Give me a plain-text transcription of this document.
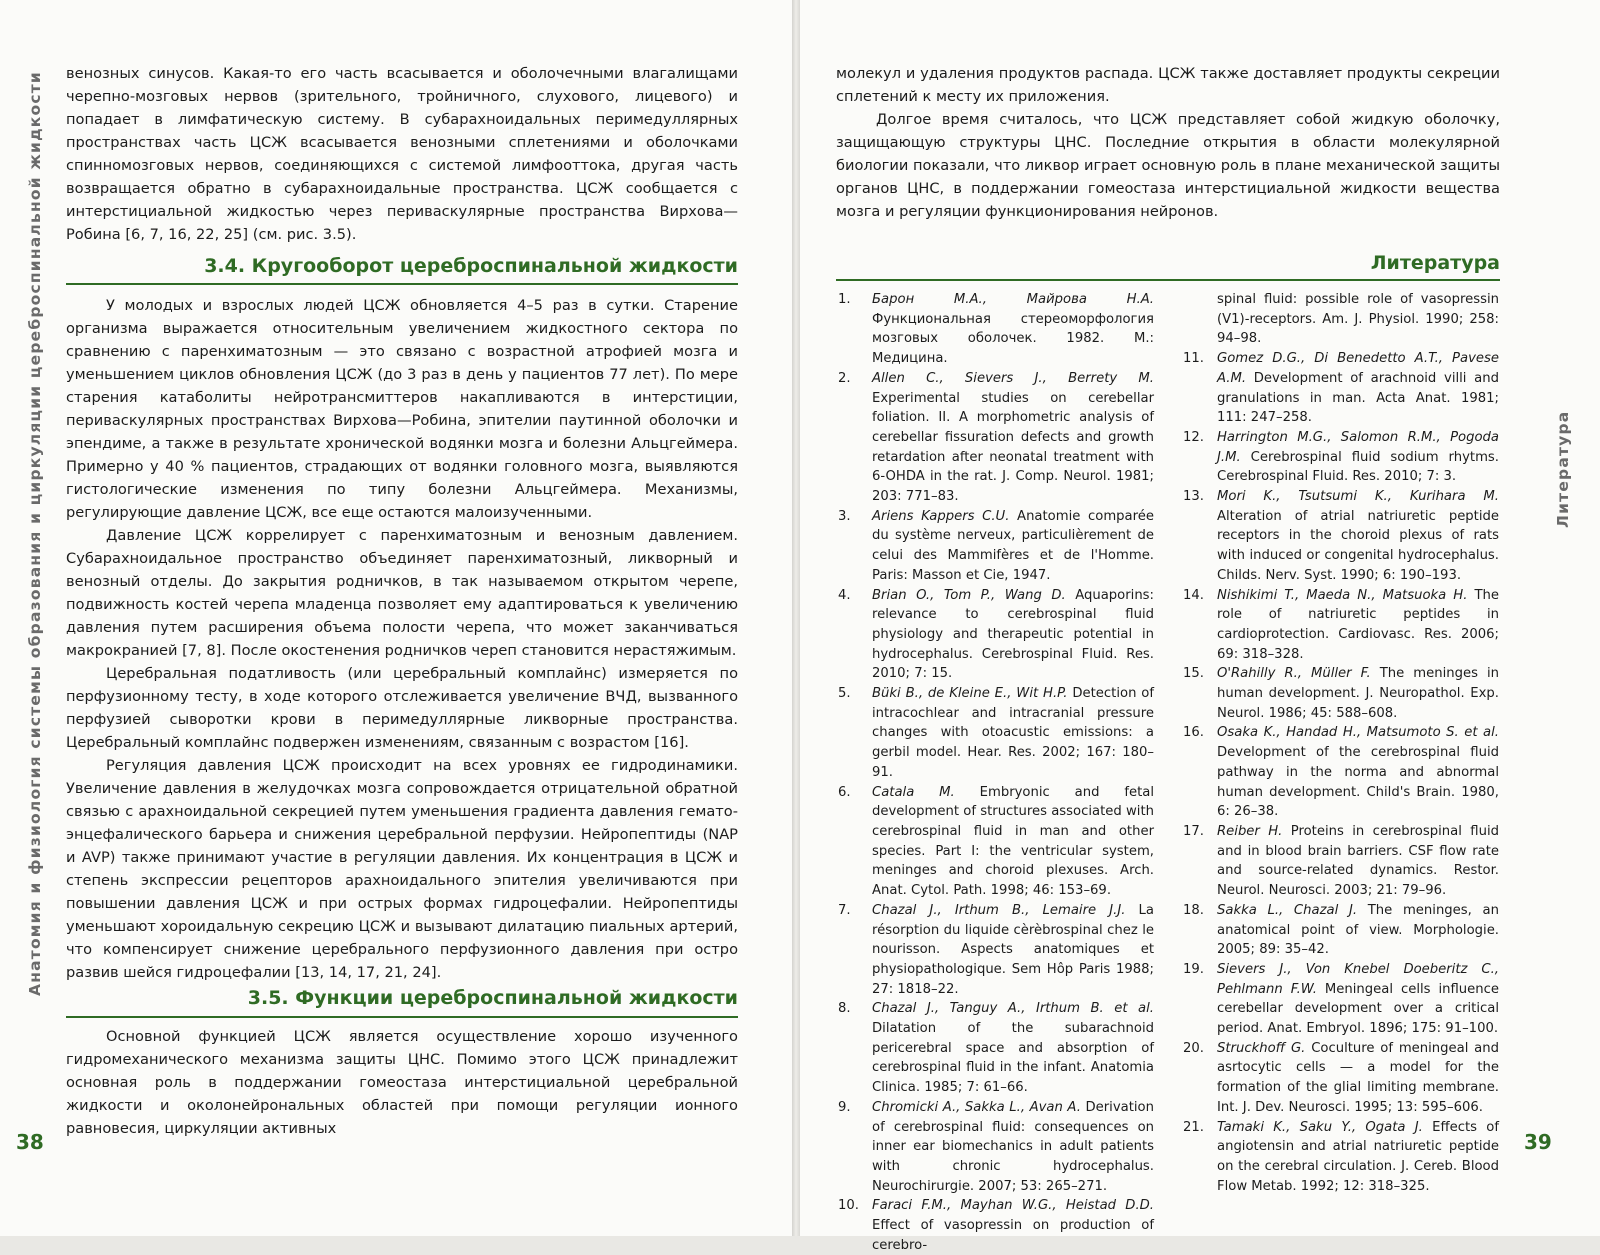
Анатомия и физиология системы образования и циркуляции цереброспинальной жидкости венозных синусов. Какая-то его часть всасывается и оболочечными влагалищами черепно-мозговых нервов (зрительного, тройничного, слухового, лицевого) и попадает в лимфатическую систему. В субарахноидальных перимедуллярных пространствах часть ЦСЖ всасывается венозными сплетениями и оболочками спинномозговых нервов, соединяющихся с системой лимфооттока, другая часть возвращается обратно в субарахноидальные пространства. ЦСЖ сообщается с интерстициальной жидкостью через периваскулярные пространства Вирхова—Робина [6, 7, 16, 22, 25] (см. рис. 3.5).

3.4. Кругооборот цереброспинальной жидкости

У молодых и взрослых людей ЦСЖ обновляется 4–5 раз в сутки. Старение организма выражается относительным увеличением жидкостного сектора по сравнению с паренхиматозным — это связано с возрастной атрофией мозга и уменьшением циклов обновления ЦСЖ (до 3 раз в день у пациентов 77 лет). По мере старения катаболиты нейротрансмиттеров накапливаются в интерстиции, периваскулярных пространствах Вирхова—Робина, эпителии паутинной оболочки и эпендиме, а также в результате хронической водянки мозга и болезни Альцгеймера. Примерно у 40 % пациентов, страдающих от водянки головного мозга, выявляются гистологические изменения по типу болезни Альцгеймера. Механизмы, регулирующие давление ЦСЖ, все еще остаются малоизученными.

Давление ЦСЖ коррелирует с паренхиматозным и венозным давлением. Субарахноидальное пространство объединяет паренхиматозный, ликворный и венозный отделы. До закрытия родничков, в так называемом открытом черепе, подвижность костей черепа младенца позволяет ему адаптироваться к увеличению давления путем расширения объема полости черепа, что может заканчиваться макрокранией [7, 8]. После окостенения родничков череп становится нерастяжимым.

Церебральная податливость (или церебральный комплайнс) измеряется по перфузионному тесту, в ходе которого отслеживается увеличение ВЧД, вызванного перфузией сыворотки крови в перимедуллярные ликворные пространства. Церебральный комплайнс подвержен изменениям, связанным с возрастом [16].

Регуляция давления ЦСЖ происходит на всех уровнях ее гидродинамики. Увеличение давления в желудочках мозга сопровождается отрицательной обратной связью с арахноидальной секрецией путем уменьшения градиента давления гемато-энцефалического барьера и снижения церебральной перфузии. Нейропептиды (NAP и AVP) также принимают участие в регуляции давления. Их концентрация в ЦСЖ и степень экспрессии рецепторов арахноидального эпителия увеличиваются при повышении давления ЦСЖ и при острых формах гидроцефалии. Нейропептиды уменьшают хороидальную секрецию ЦСЖ и вызывают дилатацию пиальных артерий, что компенсирует снижение церебрального перфузионного давления при остро развив шейся гидроцефалии [13, 14, 17, 21, 24].

3.5. Функции цереброспинальной жидкости

Основной функцией ЦСЖ является осуществление хорошо изученного гидромеханического механизма защиты ЦНС. Помимо этого ЦСЖ принадлежит основная роль в поддержании гомеостаза интерстициальной церебральной жидкости и околонейрональных областей при помощи регуляции ионного равновесия, циркуляции активных

38

молекул и удаления продуктов распада. ЦСЖ также доставляет продукты секреции сплетений к месту их приложения.

Долгое время считалось, что ЦСЖ представляет собой жидкую оболочку, защищающую структуры ЦНС. Последние открытия в области молекулярной биологии показали, что ликвор играет основную роль в плане механической защиты органов ЦНС, в поддержании гомеостаза интерстициальной жидкости вещества мозга и регуляции функционирования нейронов.

Литература
1. Барон М.А., Майрова Н.А. Функциональная стереоморфология мозговых оболочек. 1982. М.: Медицина.
2. Allen C., Sievers J., Berrety M. Experimental studies on cerebellar foliation. II. A morphometric analysis of cerebellar fissuration defects and growth retardation after neonatal treatment with 6-OHDA in the rat. J. Comp. Neurol. 1981; 203: 771–83.
3. Ariens Kappers C.U. Anatomie comparée du système nerveux, particulièrement de celui des Mammifères et de l'Homme. Paris: Masson et Cie, 1947.
4. Brian O., Tom P., Wang D. Aquaporins: relevance to cerebrospinal fluid physiology and therapeutic potential in hydrocephalus. Cerebrospinal Fluid. Res. 2010; 7: 15.
5. Büki B., de Kleine E., Wit H.P. Detection of intracochlear and intracranial pressure changes with otoacustic emissions: a gerbil model. Hear. Res. 2002; 167: 180–91.
6. Catala M. Embryonic and fetal development of structures associated with cerebrospinal fluid in man and other species. Part I: the ventricular system, meninges and choroid plexuses. Arch. Anat. Cytol. Path. 1998; 46: 153–69.
7. Chazal J., Irthum B., Lemaire J.J. La résorption du liquide cèrèbrospinal chez le nourisson. Aspects anatomiques et physiopathologique. Sem Hôp Paris 1988; 27: 1818–22.
8. Chazal J., Tanguy A., Irthum B. et al. Dilatation of the subarachnoid pericerebral space and absorption of cerebrospinal fluid in the infant. Anatomia Clinica. 1985; 7: 61–66.
9. Chromicki A., Sakka L., Avan A. Derivation of cerebrospinal fluid: consequences on inner ear biomechanics in adult patients with chronic hydrocephalus. Neurochirurgie. 2007; 53: 265–271.
10. Faraci F.M., Mayhan W.G., Heistad D.D. Effect of vasopressin on production of cerebro-
spinal fluid: possible role of vasopressin (V1)-receptors. Am. J. Physiol. 1990; 258: 94–98.
11. Gomez D.G., Di Benedetto A.T., Pavese A.M. Development of arachnoid villi and granulations in man. Acta Anat. 1981; 111: 247–258.
12. Harrington M.G., Salomon R.M., Pogoda J.M. Cerebrospinal fluid sodium rhytms. Cerebrospinal Fluid. Res. 2010; 7: 3.
13. Mori K., Tsutsumi K., Kurihara M. Alteration of atrial natriuretic peptide receptors in the choroid plexus of rats with induced or congenital hydrocephalus. Childs. Nerv. Syst. 1990; 6: 190–193.
14. Nishikimi T., Maeda N., Matsuoka H. The role of natriuretic peptides in cardioprotection. Cardiovasc. Res. 2006; 69: 318–328.
15. O'Rahilly R., Müller F. The meninges in human development. J. Neuropathol. Exp. Neurol. 1986; 45: 588–608.
16. Osaka K., Handad H., Matsumoto S. et al. Development of the cerebrospinal fluid pathway in the norma and abnormal human development. Child's Brain. 1980, 6: 26–38.
17. Reiber H. Proteins in cerebrospinal fluid and in blood brain barriers. CSF flow rate and source-related dynamics. Restor. Neurol. Neurosci. 2003; 21: 79–96.
18. Sakka L., Chazal J. The meninges, an anatomical point of view. Morphologie. 2005; 89: 35–42.
19. Sievers J., Von Knebel Doeberitz C., Pehlmann F.W. Meningeal cells influence cerebellar development over a critical period. Anat. Embryol. 1896; 175: 91–100.
20. Struckhoff G. Coculture of meningeal and asrtocytic cells — a model for the formation of the glial limiting membrane. Int. J. Dev. Neurosci. 1995; 13: 595–606.
21. Tamaki K., Saku Y., Ogata J. Effects of angiotensin and atrial natriuretic peptide on the cerebral circulation. J. Cereb. Blood Flow Metab. 1992; 12: 318–325.
39
Литература
